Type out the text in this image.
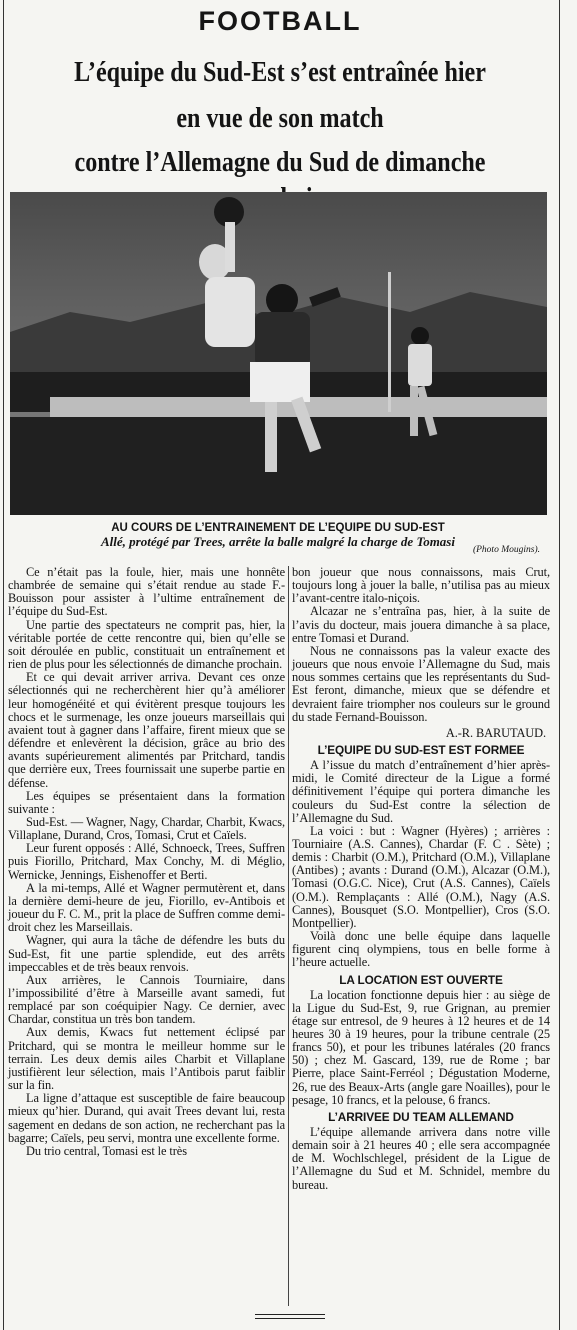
FOOTBALL
L’équipe du Sud-Est s’est entraînée hier
en vue de son match
contre l’Allemagne du Sud de dimanche
AU COURS DE L’ENTRAINEMENT DE L’EQUIPE DU SUD-EST
Allé, protégé par Trees, arrête la balle malgré la charge de Tomasi
(Photo Mougins).

Ce n’était pas la foule, hier, mais une honnête chambrée de semaine qui s’était rendue au stade F.-Bouisson pour assister à l’ultime entraînement de l’équipe du Sud-Est.

Une partie des spectateurs ne comprit pas, hier, la véritable portée de cette rencontre qui, bien qu’elle se soit déroulée en public, constituait un entraînement et rien de plus pour les sélectionnés de dimanche prochain.

Et ce qui devait arriver arriva. Devant ces onze sélectionnés qui ne recherchèrent hier qu’à améliorer leur homogénéité et qui évitèrent presque toujours les chocs et le surmenage, les onze joueurs marseillais qui avaient tout à gagner dans l’affaire, firent mieux que se défendre et enlevèrent la décision, grâce au brio des avants supérieurement alimentés par Pritchard, tandis que derrière eux, Trees fournissait une superbe partie en défense.

Les équipes se présentaient dans la formation suivante :

Sud-Est. — Wagner, Nagy, Chardar, Charbit, Kwacs, Villaplane, Durand, Cros, Tomasi, Crut et Caïels.

Leur furent opposés : Allé, Schnoeck, Trees, Suffren puis Fiorillo, Pritchard, Max Conchy, M. di Méglio, Wernicke, Jennings, Eishenoffer et Berti.

A la mi-temps, Allé et Wagner permutèrent et, dans la dernière demi-heure de jeu, Fiorillo, ev-Antibois et joueur du F. C. M., prit la place de Suffren comme demi-droit chez les Marseillais.

Wagner, qui aura la tâche de défendre les buts du Sud-Est, fit une partie splendide, eut des arrêts impeccables et de très beaux renvois.

Aux arrières, le Cannois Tourniaire, dans l’impossibilité d’être à Marseille avant samedi, fut remplacé par son coéquipier Nagy. Ce dernier, avec Chardar, constitua un très bon tandem.

Aux demis, Kwacs fut nettement éclipsé par Pritchard, qui se montra le meilleur homme sur le terrain. Les deux demis ailes Charbit et Villaplane justifièrent leur sélection, mais l’Antibois parut faiblir sur la fin.

La ligne d’attaque est susceptible de faire beaucoup mieux qu’hier. Durand, qui avait Trees devant lui, resta sagement en dedans de son action, ne recherchant pas la bagarre; Caïels, peu servi, montra une excellente forme.

Du trio central, Tomasi est le très

bon joueur que nous connaissons, mais Crut, toujours long à jouer la balle, n’utilisa pas au mieux l’avant-centre italo-niçois.

Alcazar ne s’entraîna pas, hier, à la suite de l’avis du docteur, mais jouera dimanche à sa place, entre Tomasi et Durand.

Nous ne connaissons pas la valeur exacte des joueurs que nous envoie l’Allemagne du Sud, mais nous sommes certains que les représentants du Sud-Est feront, dimanche, mieux que se défendre et devraient faire triompher nos couleurs sur le ground du stade Fernand-Bouisson.

A.-R. BARUTAUD.

L’EQUIPE DU SUD-EST EST FORMEE

A l’issue du match d’entraînement d’hier après-midi, le Comité directeur de la Ligue a formé définitivement l’équipe qui portera dimanche les couleurs du Sud-Est contre la sélection de l’Allemagne du Sud.

La voici : but : Wagner (Hyères) ; arrières : Tourniaire (A.S. Cannes), Chardar (F. C . Sète) ; demis : Charbit (O.M.), Pritchard (O.M.), Villaplane (Antibes) ; avants : Durand (O.M.), Alcazar (O.M.), Tomasi (O.G.C. Nice), Crut (A.S. Cannes), Caïels (O.M.). Remplaçants : Allé (O.M.), Nagy (A.S. Cannes), Bousquet (S.O. Montpellier), Cros (S.O. Montpellier).

Voilà donc une belle équipe dans laquelle figurent cinq olympiens, tous en belle forme à l’heure actuelle.

LA LOCATION EST OUVERTE

La location fonctionne depuis hier : au siège de la Ligue du Sud-Est, 9, rue Grignan, au premier étage sur entresol, de 9 heures à 12 heures et de 14 heures 30 à 19 heures, pour la tribune centrale (25 francs 50), et pour les tribunes latérales (20 francs 50) ; chez M. Gascard, 139, rue de Rome ; bar Pierre, place Saint-Ferréol ; Dégustation Moderne, 26, rue des Beaux-Arts (angle gare Noailles), pour le pesage, 10 francs, et la pelouse, 6 francs.

L’ARRIVEE DU TEAM ALLEMAND

L’équipe allemande arrivera dans notre ville demain soir à 21 heures 40 ; elle sera accompagnée de M. Wochlschlegel, président de la Ligue de l’Allemagne du Sud et M. Schnidel, membre du bureau.
